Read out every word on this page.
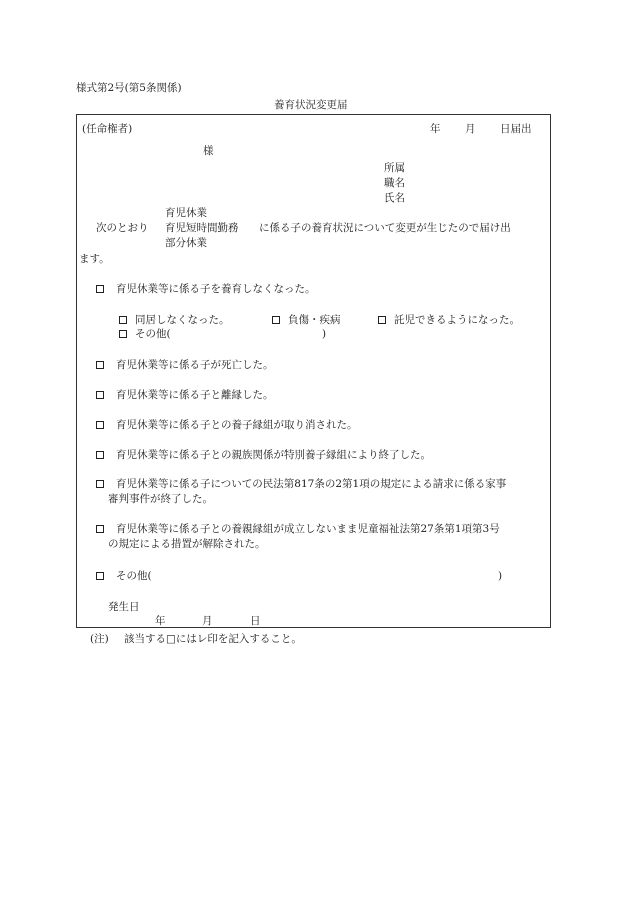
様式第2号(第5条関係)
養育状況変更届
(任命権者)	年 月 日届出
様
所属
職名
氏名
育児休業
次のとおり 育児短時間勤務 に係る子の養育状況について変更が生じたので届け出
部分休業
ます。
育児休業等に係る子を養育しなくなった。
同居しなくなった。	負傷・疾病	託児できるようになった。
その他(	)
育児休業等に係る子が死亡した。
育児休業等に係る子と離縁した。
育児休業等に係る子との養子縁組が取り消された。
育児休業等に係る子との親族関係が特別養子縁組により終了した。
育児休業等に係る子についての民法第817条の2第1項の規定による請求に係る家事
審判事件が終了した。
育児休業等に係る子との養親縁組が成立しないまま児童福祉法第27条第1項第3号
の規定による措置が解除された。
その他(	)
発生日
年	月	日
(注) 該当する□にはレ印を記入すること。
